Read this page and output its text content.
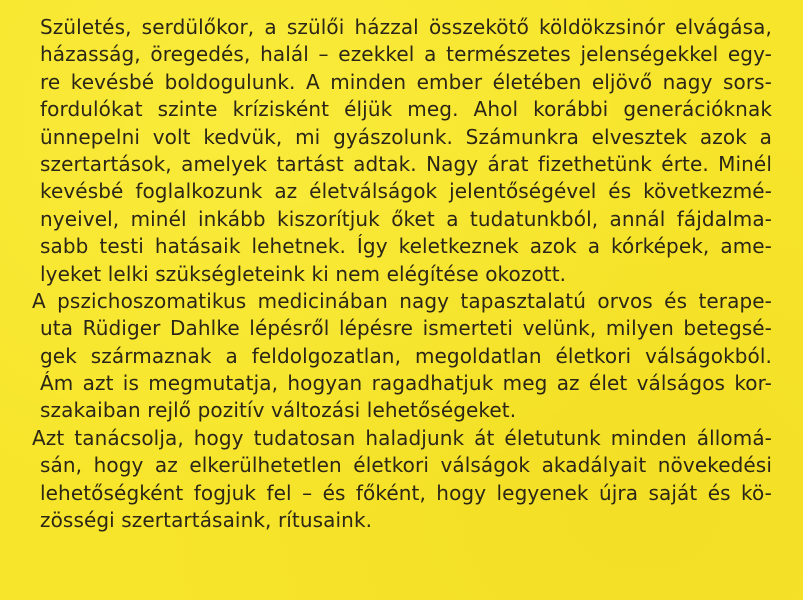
Születés, serdülőkor, a szülői házzal összekötő köldökzsinór elvágása,
házasság, öregedés, halál – ezekkel a természetes jelenségekkel egy-
re kevésbé boldogulunk. A minden ember életében eljövő nagy sors-
fordulókat szinte krízisként éljük meg. Ahol korábbi generációknak
ünnepelni volt kedvük, mi gyászolunk. Számunkra elvesztek azok a
szertartások, amelyek tartást adtak. Nagy árat fizethetünk érte. Minél
kevésbé foglalkozunk az életválságok jelentőségével és következmé-
nyeivel, minél inkább kiszorítjuk őket a tudatunkból, annál fájdalma-
sabb testi hatásaik lehetnek. Így keletkeznek azok a kórképek, ame-
lyeket lelki szükségleteink ki nem elégítése okozott.
A pszichoszomatikus medicinában nagy tapasztalatú orvos és terape-
uta Rüdiger Dahlke lépésről lépésre ismerteti velünk, milyen betegsé-
gek származnak a feldolgozatlan, megoldatlan életkori válságokból.
Ám azt is megmutatja, hogyan ragadhatjuk meg az élet válságos kor-
szakaiban rejlő pozitív változási lehetőségeket.
Azt tanácsolja, hogy tudatosan haladjunk át életutunk minden állomá-
sán, hogy az elkerülhetetlen életkori válságok akadályait növekedési
lehetőségként fogjuk fel – és főként, hogy legyenek újra saját és kö-
zösségi szertartásaink, rítusaink.
